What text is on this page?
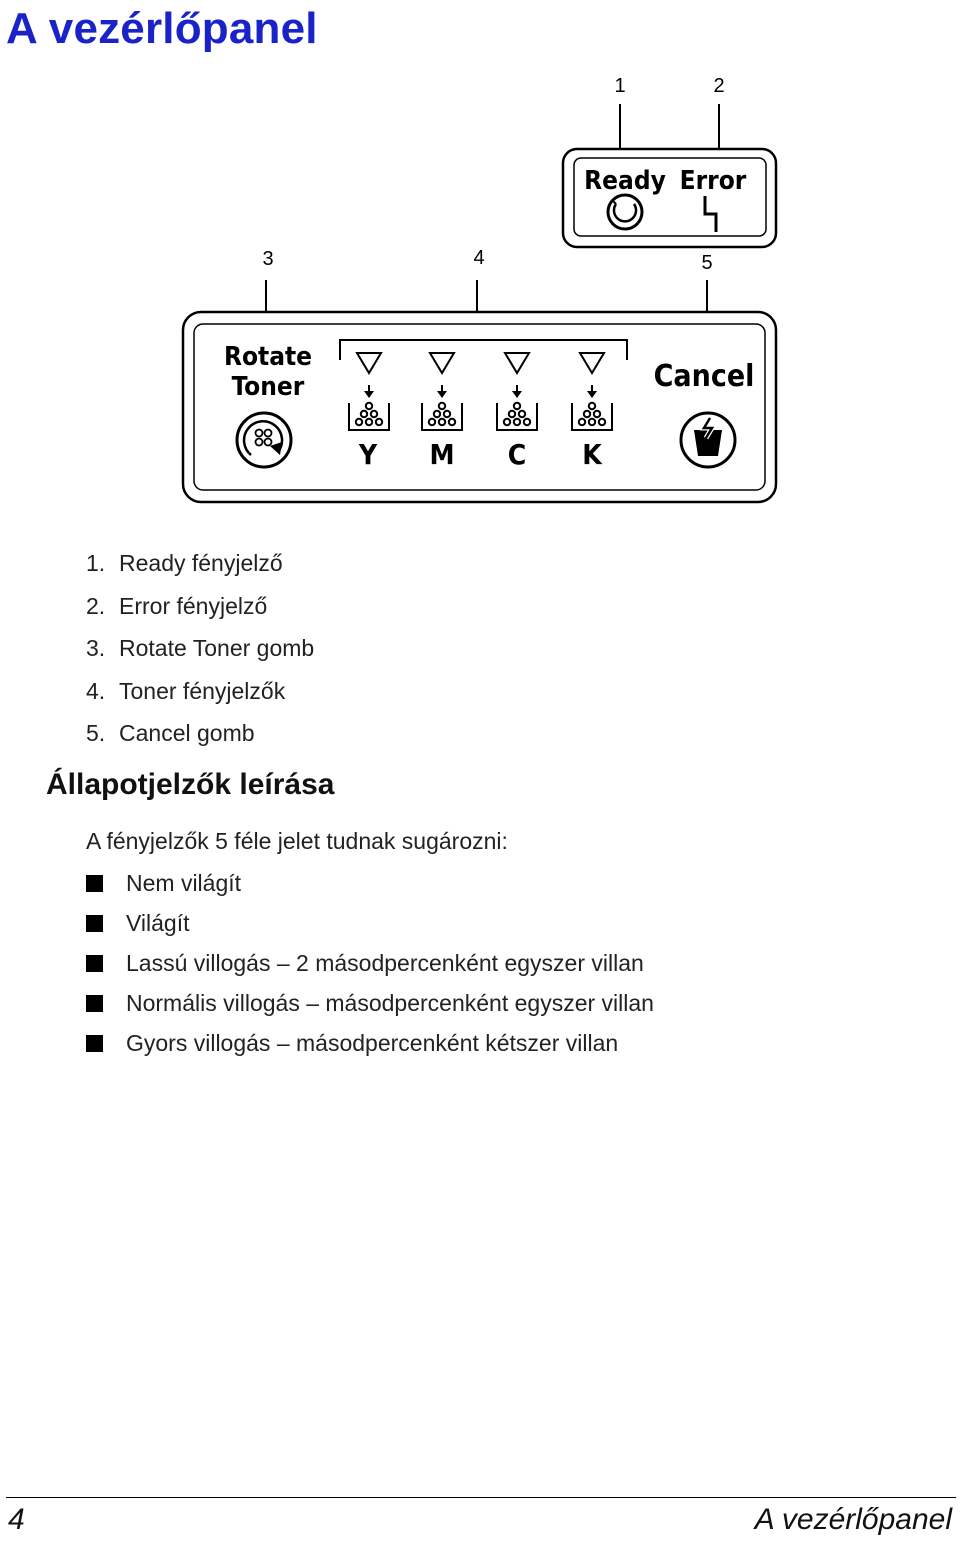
A vezérlőpanel
1	2
3	4	5
Ready Error
Rotate
Toner
Y M C K
Cancel
1. Ready fényjelző
2. Error fényjelző
3. Rotate Toner gomb
4. Toner fényjelzők
5. Cancel gomb
Állapotjelzők leírása

A fényjelzők 5 féle jelet tudnak sugározni:

Nem világít
Világít
Lassú villogás – 2 másodpercenként egyszer villan
Normális villogás – másodpercenként egyszer villan
Gyors villogás – másodpercenként kétszer villan
4	A vezérlőpanel
